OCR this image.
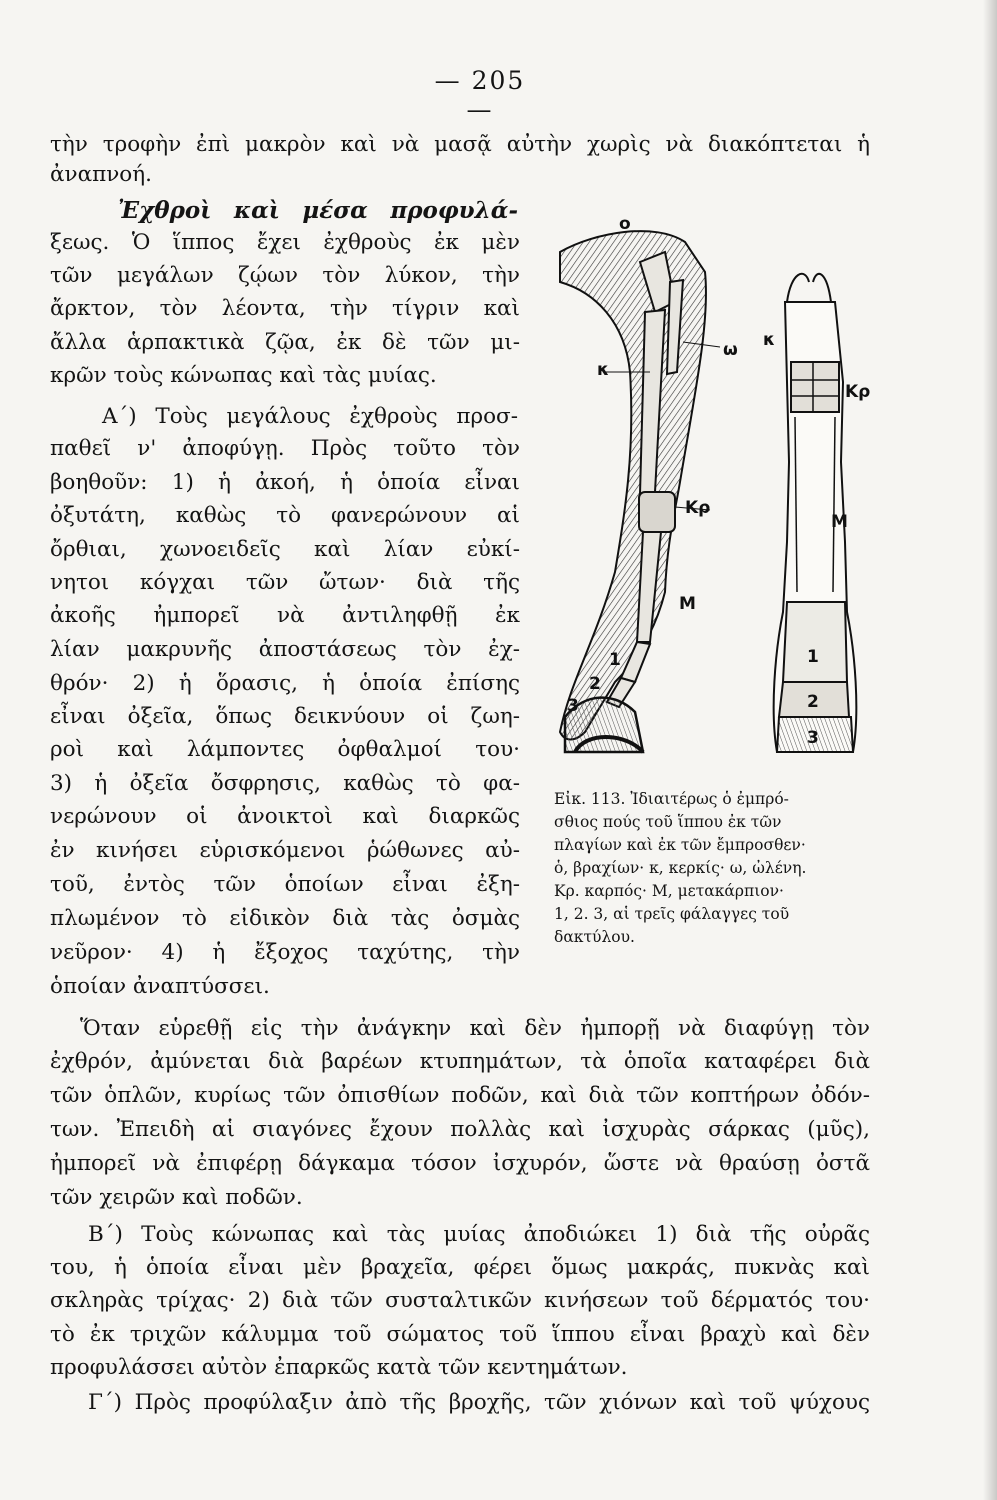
— 205 —
τὴν τροφὴν ἐπὶ μακρὸν καὶ νὰ μασᾷ αὐτὴν χωρὶς νὰ διακόπτεται ἡ
ἀναπνοή.
Ἐχθροὶ καὶ μέσα προφυλά-
ξεως. Ὁ ἵππος ἔχει ἐχθροὺς ἐκ μὲν
τῶν μεγάλων ζῴων τὸν λύκον, τὴν
ἄρκτον, τὸν λέοντα, τὴν τίγριν καὶ
ἄλλα ἁρπακτικὰ ζῷα, ἐκ δὲ τῶν μι-
κρῶν τοὺς κώνωπας καὶ τὰς μυίας.
Α΄) Τοὺς μεγάλους ἐχθροὺς προσ-
παθεῖ ν' ἀποφύγῃ. Πρὸς τοῦτο τὸν
βοηθοῦν: 1) ἡ ἀκοή, ἡ ὁποία εἶναι
ὀξυτάτη, καθὼς τὸ φανερώνουν αἱ
ὄρθιαι, χωνοειδεῖς καὶ λίαν εὐκί-
νητοι κόγχαι τῶν ὤτων· διὰ τῆς
ἀκοῆς ἠμπορεῖ νὰ ἀντιληφθῇ ἐκ
λίαν μακρυνῆς ἀποστάσεως τὸν ἐχ-
θρόν· 2) ἡ ὅρασις, ἡ ὁποία ἐπίσης
εἶναι ὀξεῖα, ὅπως δεικνύουν οἱ ζωη-
ροὶ καὶ λάμποντες ὀφθαλμοί του·
3) ἡ ὀξεῖα ὄσφρησις, καθὼς τὸ φα-
νερώνουν οἱ ἀνοικτοὶ καὶ διαρκῶς
ἐν κινήσει εὑρισκόμενοι ῥώθωνες αὐ-
τοῦ, ἐντὸς τῶν ὁποίων εἶναι ἐξη-
πλωμένον τὸ εἰδικὸν διὰ τὰς ὀσμὰς
νεῦρον· 4) ἡ ἔξοχος ταχύτης, τὴν
ὁποίαν ἀναπτύσσει.
ο
ω
κ
Κρ
Μ
1
2
3
κ
Κρ
Μ
1
2
3
Εἰκ. 113. Ἰδιαιτέρως ὁ ἐμπρό-
σθιος πούς τοῦ ἵππου ἐκ τῶν
πλαγίων καὶ ἐκ τῶν ἔμπροσθεν·
ὁ, βραχίων· κ, κερκίς· ω, ὠλένη.
Κρ. καρπός· Μ, μετακάρπιον·
1, 2. 3, αἱ τρεῖς φάλαγγες τοῦ
δακτύλου.
Ὅταν εὑρεθῇ εἰς τὴν ἀνάγκην καὶ δὲν ἠμπορῇ νὰ διαφύγῃ τὸν
ἐχθρόν, ἀμύνεται διὰ βαρέων κτυπημάτων, τὰ ὁποῖα καταφέρει διὰ
τῶν ὁπλῶν, κυρίως τῶν ὀπισθίων ποδῶν, καὶ διὰ τῶν κοπτήρων ὀδόν-
των. Ἐπειδὴ αἱ σιαγόνες ἔχουν πολλὰς καὶ ἰσχυρὰς σάρκας (μῦς),
ἠμπορεῖ νὰ ἐπιφέρῃ δάγκαμα τόσον ἰσχυρόν, ὥστε νὰ θραύσῃ ὀστᾶ
τῶν χειρῶν καὶ ποδῶν.
Β΄) Τοὺς κώνωπας καὶ τὰς μυίας ἀποδιώκει 1) διὰ τῆς οὐρᾶς
του, ἡ ὁποία εἶναι μὲν βραχεῖα, φέρει ὅμως μακράς, πυκνὰς καὶ
σκληρὰς τρίχας· 2) διὰ τῶν συσταλτικῶν κινήσεων τοῦ δέρματός του·
τὸ ἐκ τριχῶν κάλυμμα τοῦ σώματος τοῦ ἵππου εἶναι βραχὺ καὶ δὲν
προφυλάσσει αὐτὸν ἐπαρκῶς κατὰ τῶν κεντημάτων.
Γ΄) Πρὸς προφύλαξιν ἀπὸ τῆς βροχῆς, τῶν χιόνων καὶ τοῦ ψύχους
